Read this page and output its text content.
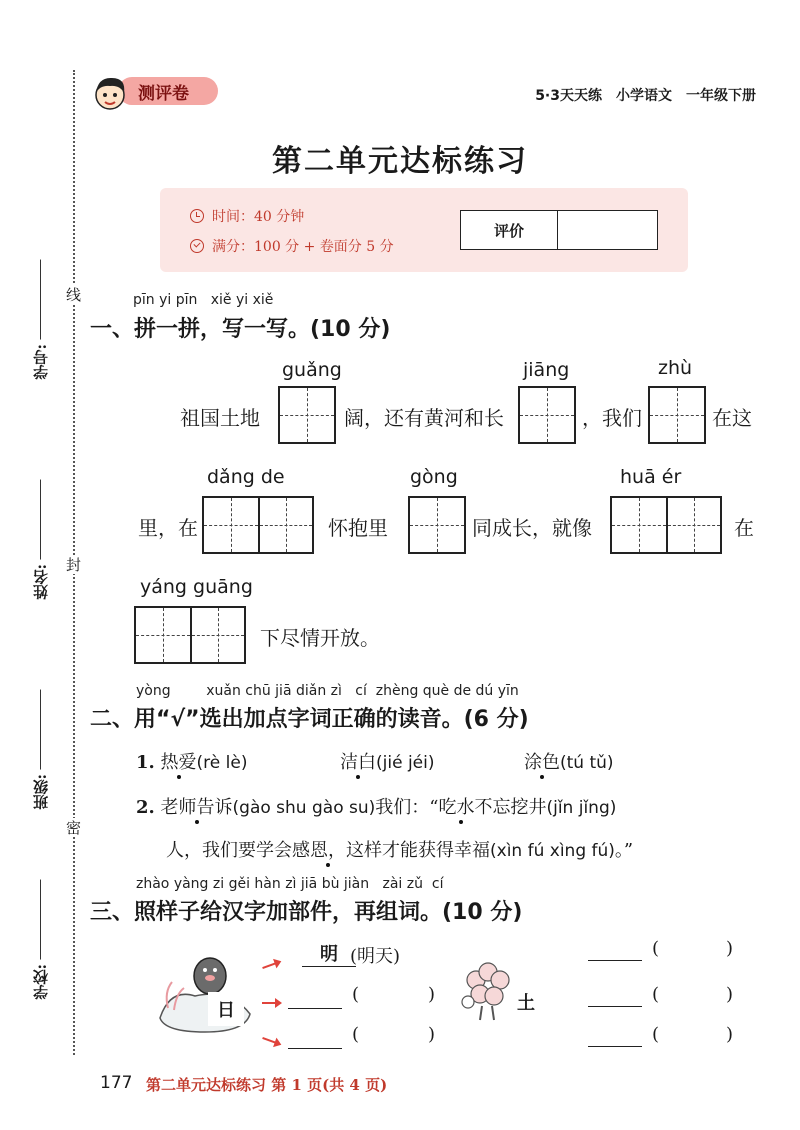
线
封
密
学号:
姓名:
班级:
学校:
测评卷	5·3天天练 小学语文 一年级下册
第二单元达标练习
时间：40 分钟
满分：100 分 + 卷面分 5 分
评价
pīn yi pīn   xiě yi xiě
一、拼一拼，写一写。(10 分)
guǎng	jiāng	zhù
祖国土地	阔，还有黄河和长	，我们	在这
dǎng de	gòng	huā ér
里，在	怀抱里	同成长，就像	在
yáng guāng
下尽情开放。
yòng        xuǎn chū jiā diǎn zì   cí  zhèng què de dú yīn
二、用“√”选出加点字词正确的读音。(6 分)
1. 热爱(rè lè)	洁白(jié jéi)	涂色(tú tǔ)
2. 老师告诉(gào shu gào su)我们：“吃水不忘挖井(jǐn jǐng)
人，我们要学会感恩，这样才能获得幸福(xìn fú xìng fú)。”
zhào yàng zi gěi hàn zì jiā bù jiàn   zài zǔ  cí
三、照样子给汉字加部件，再组词。(10 分)
日
明 (明天)
(	)
(	)
土
(	)
(	)
(	)
177 第二单元达标练习 第 1 页(共 4 页)
